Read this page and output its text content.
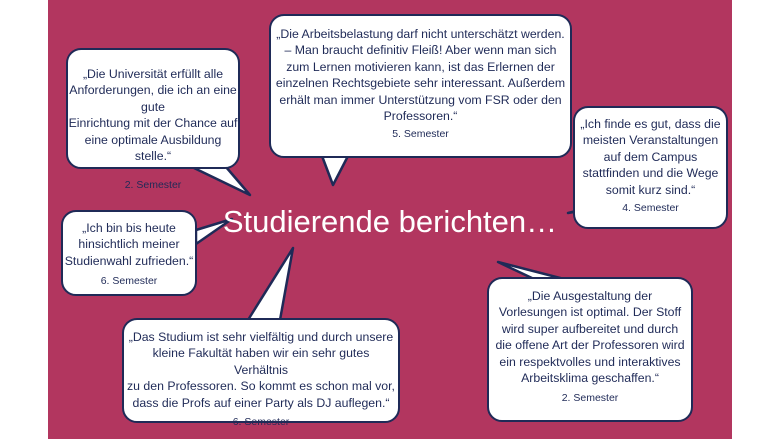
„Die Universität erfüllt alle
Anforderungen, die ich an eine gute
Einrichtung mit der Chance auf
eine optimale Ausbildung stelle.“

2. Semester

„Die Arbeitsbelastung darf nicht unterschätzt werden.
– Man braucht definitiv Fleiß! Aber wenn man sich
zum Lernen motivieren kann, ist das Erlernen der
einzelnen Rechtsgebiete sehr interessant. Außerdem
erhält man immer Unterstützung vom FSR oder den
Professoren.“

5. Semester

„Ich finde es gut, dass die
meisten Veranstaltungen
auf dem Campus
stattfinden und die Wege
somit kurz sind.“

4. Semester

„Ich bin bis heute
hinsichtlich meiner
Studienwahl zufrieden.“

6. Semester

„Die Ausgestaltung der
Vorlesungen ist optimal. Der Stoff
wird super aufbereitet und durch
die offene Art der Professoren wird
ein respektvolles und interaktives
Arbeitsklima geschaffen.“

2. Semester

„Das Studium ist sehr vielfältig und durch unsere
kleine Fakultät haben wir ein sehr gutes Verhältnis
zu den Professoren. So kommt es schon mal vor,
dass die Profs auf einer Party als DJ auflegen.“

6. Semester

Studierende berichten…
